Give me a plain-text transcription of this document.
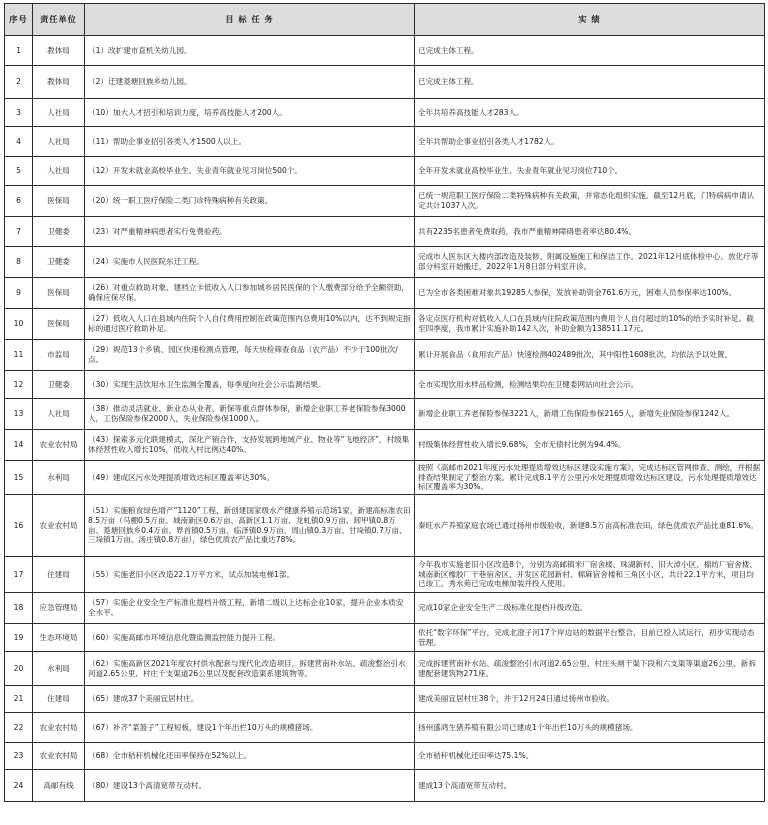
序号	责任单位	目 标 任 务	实 绩
1	教体局	（1）改扩建市直机关幼儿园。	已完成主体工程。
2	教体局	（2）迁建菱塘回族乡幼儿园。	已完成主体工程。
3	人社局	（10）加大人才招引和培训力度，培养高技能人才200人。	全年共培养高技能人才283人。
4	人社局	（11）帮助企事业招引各类人才1500人以上。	全年共帮助企事业招引各类人才1782人。
5	人社局	（12）开发未就业高校毕业生、失业青年就业见习岗位500个。	全年开发未就业高校毕业生、失业青年就业见习岗位710个。
6	医保局	（20）统一职工医疗保险二类门诊特殊病种有关政策。	已统一规范职工医疗保险二类特殊病种有关政策，并常态化组织实施。截至12月底，门特病病申请认定共计1037人次。
7	卫健委	（23）对严重精神病患者实行免费验药。	共有2235名患者免费取药，我市严重精神障碍患者率达80.4%。
8	卫健委	（24）实施市人民医院东迁工程。	完成市人医东区大楼内部改造及装修、附属设施施工和保洁工作。2021年12月底体检中心、放化疗等部分科室开始搬迁，2022年1月8日部分科室开诊。
9	医保局	（26）对重点救助对象、建档立卡低收入人口参加城乡居民医保的个人缴费部分给予全额资助，确保应保尽保。	已为全市各类困难对象共19285人参保，发放补助资金761.6万元，困难人员参保率达100%。
10	医保局	（27）低收入人口在县域内住院个人自付费用控制在政策范围内总费用10%以内，达不到规定指标的通过医疗救助补足。	各定点医疗机构对低收入人口在县域内住院政策范围内费用个人自付超过的10%的给予实时补足。截至四季度，我市累计实施补助142人次，补助金额为138511.17元。
11	市监局	（29）规范13个乡镇、园区快速检测点管理，每天快检筛查食品（农产品）不少于100批次/点。	累计开展食品（食用农产品）快速检测402489批次，其中阳性1608批次，均依法予以处置。
12	卫健委	（30）实现生活饮用水卫生监测全覆盖，每季度向社会公示监测结果。	全市实现饮用水样品检测，检测结果均在卫健委网站向社会公示。
13	人社局	（38）推动灵活就业、新业态从业者、新保等重点群体参保，新增企业职工养老保险参保3000人，工伤保险参保2000人，失业保险参保1000人。	新增企业职工养老保险参保3221人，新增工伤保险参保2165人，新增失业保险参保1242人。
14	农业农村局	（43）探索多元化联建模式，深化产销合作，支持发展跨地域产业、物业等“飞地经济”，村级集体经营性收入增长10%，低收入村比例达40%。	村级集体经营性收入增长9.68%，全市无债村比例为94.4%。
15	水利局	（49）建成区污水处理提质增效达标区覆盖率达30%。	按照《高邮市2021年度污水处理提质增效达标区建设实施方案》，完成达标区管网排查、测绘，并根据排查结果制定了整治方案。累计完成8.1平方公里污水处理提质增效达标区建设，污水处理提质增效达标区覆盖率为30%。
16	农业农村局	（51）实施粮食绿色增产“1120”工程，新创建国家级水产健康养殖示范场1家，新建高标准农田8.5万亩（马棚0.5万亩、城南新区0.6万亩、高新区1.1万亩、龙虬镇0.9万亩、卸甲镇0.8万亩、菱塘回族乡0.4万亩、界首镇0.5万亩、临泽镇0.9万亩、周山镇0.3万亩、甘垛镇0.7万亩、三垛镇1万亩、汤庄镇0.8万亩），绿色优质农产品比重达78%。	秦旺水产养殖家庭农场已通过扬州市级验收，新建8.5万亩高标准农田，绿色优质农产品比重81.6%。
17	住建局	（55）实施老旧小区改造22.1万平方米，试点加装电梯1部。	今年我市实施老旧小区改造8个，分别为高邮镇米厂宿舍楼、珠湖新村、旧大淖小区、棉纺厂宿舍楼、城南新区橡胶厂干巷宿舍区、开发区花园新村、棉麻宿舍楼和三角区小区，共计22.1平方米，项目均已竣工。秀水苑已完成电梯加装并投入使用。
18	应急管理局	（57）实施企业安全生产标准化提档升级工程，新增二级以上达标企业10家，提升企业本质安全水平。	完成10家企业安全生产二级标准化提档升级改造。
19	生态环境局	（60）实施高邮市环境信息化暨监测监控能力提升工程。	依托“数字环保”平台，完成北澄子河17个岸边站的数据平台整合，目前已投入试运行，初步实现动态管理。
20	水利局	（62）实施高新区2021年度农村供水配套与现代化改造项目，拆建营南补水站、疏浚整治引水河道2.65公里、村庄千支渠道26公里以及配套改造渠系建筑物等。	完成拆建营南补水站、疏浚整治引水河道2.65公里、村庄头闸干渠下段和六支渠等渠道26公里、新拆建配套建筑物271座。
21	住建局	（65）建成37个美丽宜居村庄。	建成美丽宜居村庄38个，并于12月24日通过扬州市验收。
22	农业农村局	（67）补齐“菜篮子”工程短板，建设1个年出栏10万头的规模猪场。	扬州盛鸿生猪养殖有限公司已建成1个年出栏10万头的规模猪场。
23	农业农村局	（68）全市秸秆机械化还田率保持在52%以上。	全市秸秆机械化还田率达75.1%。
24	高邮有线	（80）建设13个高清宽带互动村。	建成13个高清宽带互动村。
